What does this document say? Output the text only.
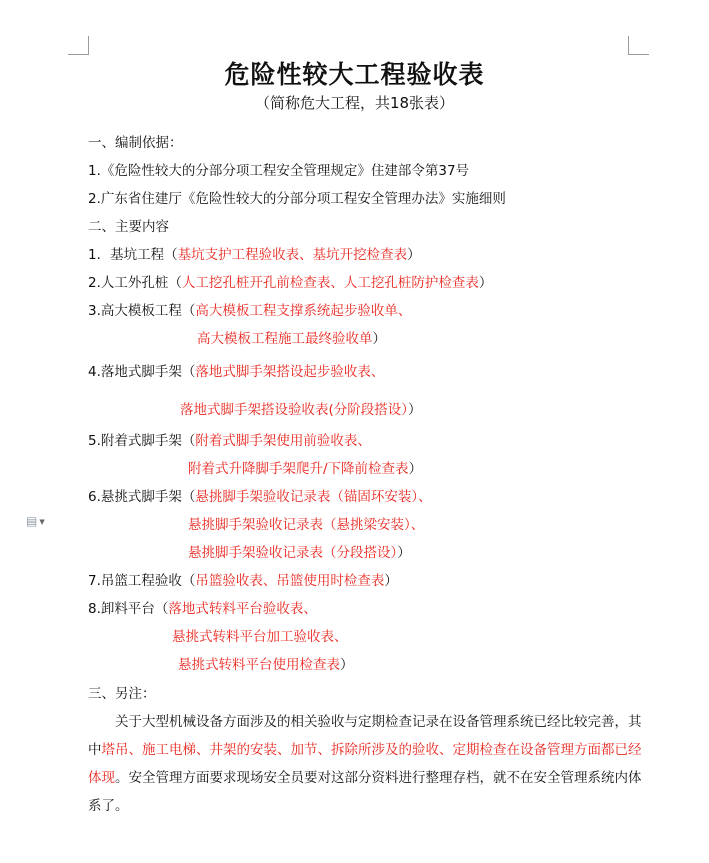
▤ ▼
危险性较大工程验收表
（简称危大工程，共18张表）
一、编制依据：
1.《危险性较大的分部分项工程安全管理规定》住建部令第37号
2.广东省住建厅《危险性较大的分部分项工程安全管理办法》实施细则
二、主要内容
1．基坑工程（基坑支护工程验收表、基坑开挖检查表）
2.人工外孔桩（人工挖孔桩开孔前检查表、人工挖孔桩防护检查表）
3.高大模板工程（高大模板工程支撑系统起步验收单、
高大模板工程施工最终验收单）
4.落地式脚手架（落地式脚手架搭设起步验收表、
落地式脚手架搭设验收表(分阶段搭设））
5.附着式脚手架（附着式脚手架使用前验收表、
附着式升降脚手架爬升/下降前检查表）
6.悬挑式脚手架（悬挑脚手架验收记录表（锚固环安装）、
悬挑脚手架验收记录表（悬挑梁安装）、
悬挑脚手架验收记录表（分段搭设））
7.吊篮工程验收（吊篮验收表、吊篮使用时检查表）
8.卸料平台（落地式转料平台验收表、
悬挑式转料平台加工验收表、
悬挑式转料平台使用检查表）
三、另注：
关于大型机械设备方面涉及的相关验收与定期检查记录在设备管理系统已经比较完善，其中塔吊、施工电梯、井架的安装、加节、拆除所涉及的验收、定期检查在设备管理方面都已经体现。安全管理方面要求现场安全员要对这部分资料进行整理存档，就不在安全管理系统内体系了。
